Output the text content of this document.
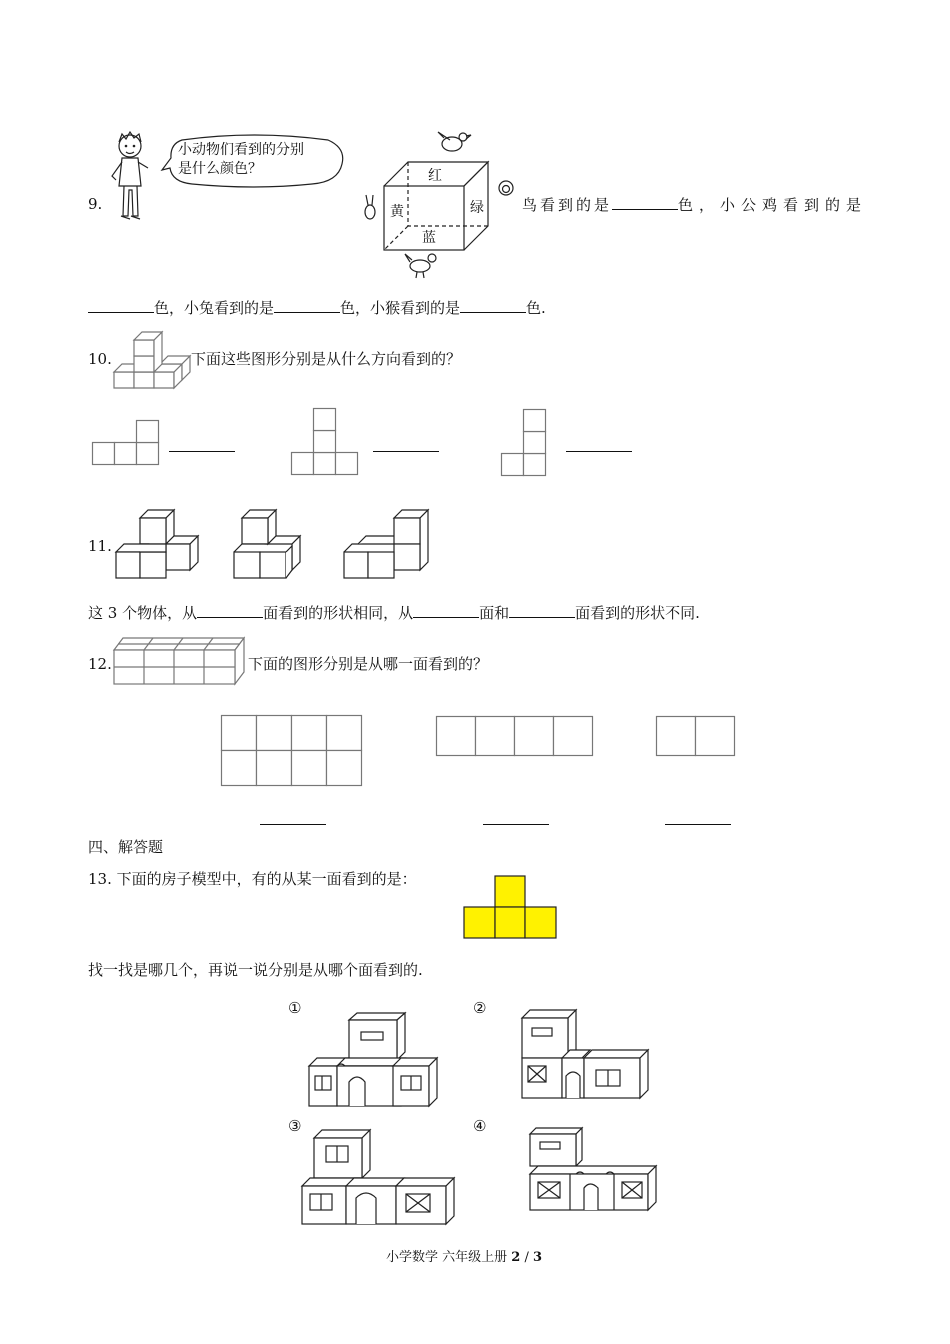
9.
小动物们看到的分别
是什么颜色？	红
黄	绿
蓝
鸟看到的是	色，小公鸡看到的是
色，小兔看到的是	色，小猴看到的是	色.
10.	下面这些图形分别是从什么方向看到的？
11.
这 3 个物体，从	面看到的形状相同，从	面和	面看到的形状不同.
12.	下面的图形分别是从哪一面看到的？
四、解答题
13. 下面的房子模型中，有的从某一面看到的是：
找一找是哪几个，再说一说分别是从哪个面看到的.
①	②
③	④
小学数学 六年级上册 2 / 3
